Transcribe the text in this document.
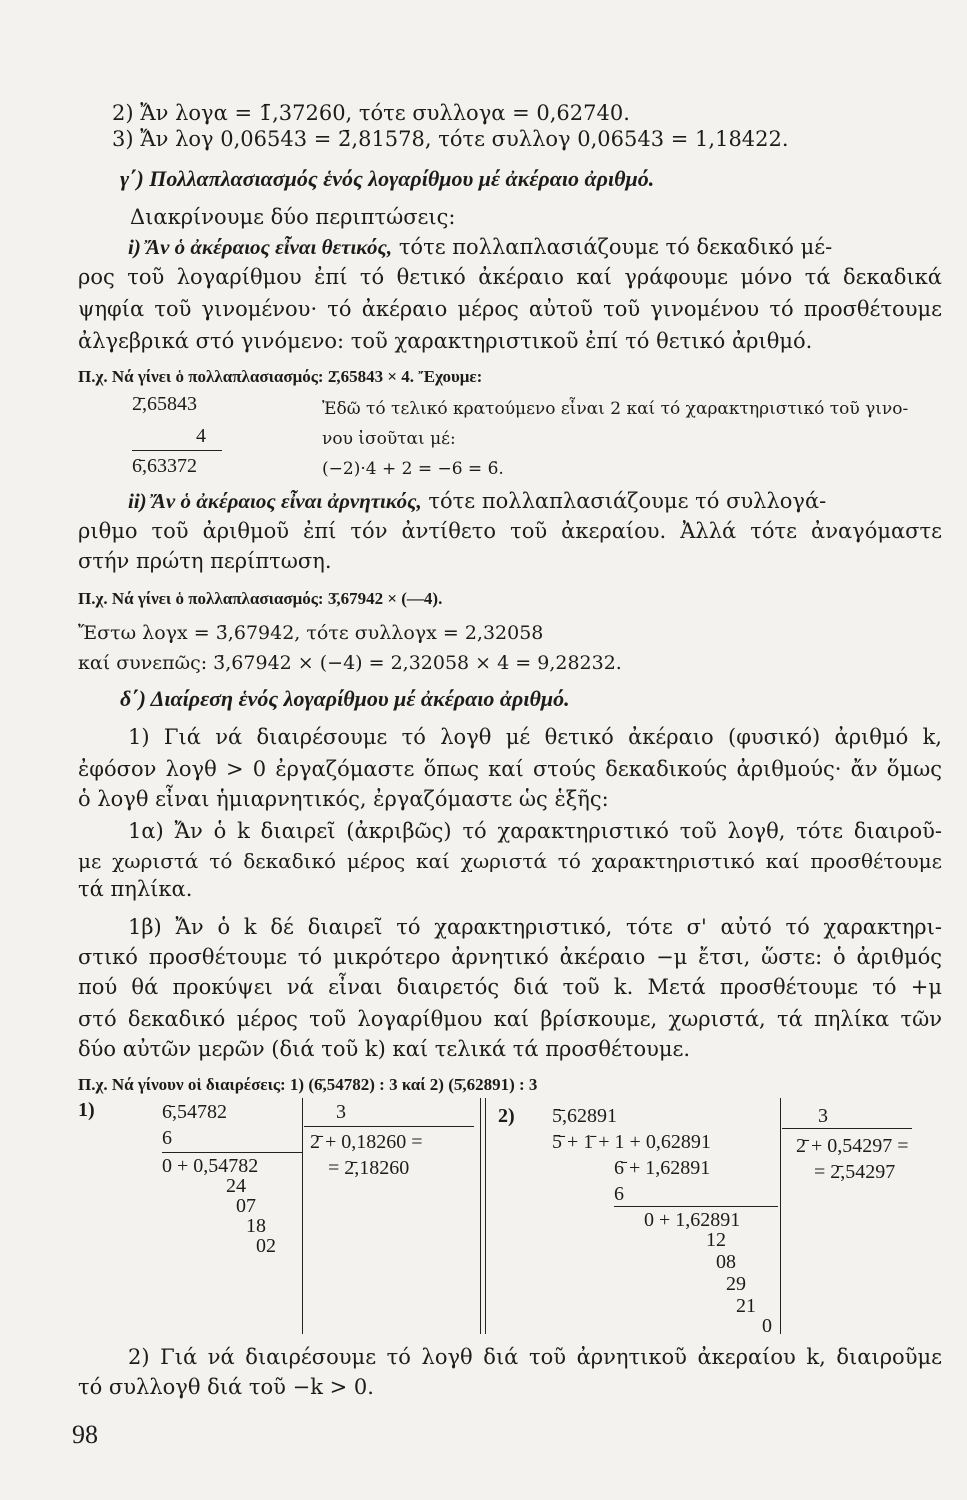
2) Ἄν λογα = 1̄,37260, τότε συλλογα = 0,62740.
3) Ἄν λογ 0,06543 = 2̄,81578, τότε συλλογ 0,06543 = 1,18422.
γ΄) Πολλαπλασιασμός ἑνός λογαρίθμου μέ ἀκέραιο ἀριθμό.
Διακρίνουμε δύο περιπτώσεις:
i) Ἄν ὁ ἀκέραιος εἶναι θετικός, τότε πολλαπλασιάζουμε τό δεκαδικό μέ-
ρος τοῦ λογαρίθμου ἐπί τό θετικό ἀκέραιο καί γράφουμε μόνο τά δεκαδικά
ψηφία τοῦ γινομένου· τό ἀκέραιο μέρος αὐτοῦ τοῦ γινομένου τό προσθέτουμε
ἀλγεβρικά στό γινόμενο: τοῦ χαρακτηριστικοῦ ἐπί τό θετικό ἀριθμό.
Π.χ. Νά γίνει ὁ πολλαπλασιασμός: 2̄,65843 × 4. Ἔχουμε:
2̄,65843
4
6̄,63372
Ἐδῶ τό τελικό κρατούμενο εἶναι 2 καί τό χαρακτηριστικό τοῦ γινο-
νου ἰσοῦται μέ:
(−2)·4 + 2 = −6 = 6̄.
ii) Ἄν ὁ ἀκέραιος εἶναι ἀρνητικός, τότε πολλαπλασιάζουμε τό συλλογά-
ριθμο τοῦ ἀριθμοῦ ἐπί τόν ἀντίθετο τοῦ ἀκεραίου. Ἀλλά τότε ἀναγόμαστε
στήν πρώτη περίπτωση.
Π.χ. Νά γίνει ὁ πολλαπλασιασμός: 3̄,67942 × (—4).
Ἔστω λογx = 3̄,67942, τότε συλλογx = 2,32058
καί συνεπῶς: 3̄,67942 × (−4) = 2,32058 × 4 = 9,28232.
δ΄) Διαίρεση ἑνός λογαρίθμου μέ ἀκέραιο ἀριθμό.
1) Γιά νά διαιρέσουμε τό λογθ μέ θετικό ἀκέραιο (φυσικό) ἀριθμό k,
ἐφόσον λογθ > 0 ἐργαζόμαστε ὅπως καί στούς δεκαδικούς ἀριθμούς· ἄν ὅμως
ὁ λογθ εἶναι ἡμιαρνητικός, ἐργαζόμαστε ὡς ἑξῆς:
1α) Ἄν ὁ k διαιρεῖ (ἀκριβῶς) τό χαρακτηριστικό τοῦ λογθ, τότε διαιροῦ-
με χωριστά τό δεκαδικό μέρος καί χωριστά τό χαρακτηριστικό καί προσθέτουμε
τά πηλίκα.
1β) Ἄν ὁ k δέ διαιρεῖ τό χαρακτηριστικό, τότε σ' αὐτό τό χαρακτηρι-
στικό προσθέτουμε τό μικρότερο ἀρνητικό ἀκέραιο −μ ἔτσι, ὥστε: ὁ ἀριθμός
πού θά προκύψει νά εἶναι διαιρετός διά τοῦ k. Μετά προσθέτουμε τό +μ
στό δεκαδικό μέρος τοῦ λογαρίθμου καί βρίσκουμε, χωριστά, τά πηλίκα τῶν
δύο αὐτῶν μερῶν (διά τοῦ k) καί τελικά τά προσθέτουμε.
Π.χ. Νά γίνουν οἱ διαιρέσεις: 1) (6̄,54782) : 3 καί 2) (5̄,62891) : 3
1)	6̄,54782
6
0 + 0,54782
24
07
18
02
3
2̄ + 0,18260 =
= 2̄,18260
2) 5̄,62891
5̄ + 1̄ + 1 + 0,62891
6̄ + 1,62891
6
0 + 1,62891
12
08
29
21
0
3
2̄ + 0,54297 =
= 2̄,54297
2) Γιά νά διαιρέσουμε τό λογθ διά τοῦ ἀρνητικοῦ ἀκεραίου k, διαιροῦμε
τό συλλογθ διά τοῦ −k > 0.
98
